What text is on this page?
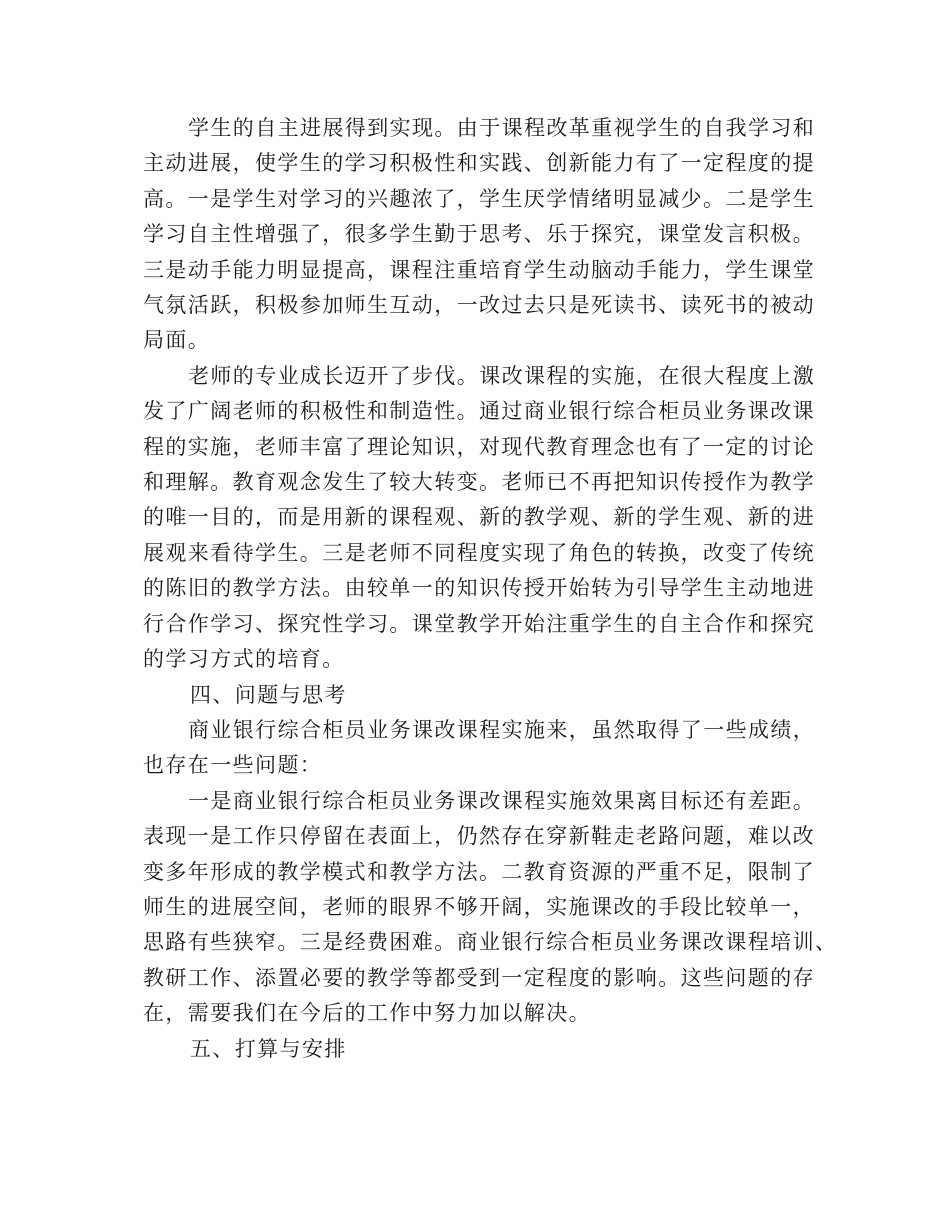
学生的自主进展得到实现。由于课程改革重视学生的自我学习和
主动进展，使学生的学习积极性和实践、创新能力有了一定程度的提
高。一是学生对学习的兴趣浓了，学生厌学情绪明显减少。二是学生
学习自主性增强了，很多学生勤于思考、乐于探究，课堂发言积极。
三是动手能力明显提高，课程注重培育学生动脑动手能力，学生课堂
气氛活跃，积极参加师生互动，一改过去只是死读书、读死书的被动
局面。
老师的专业成长迈开了步伐。课改课程的实施，在很大程度上激
发了广阔老师的积极性和制造性。通过商业银行综合柜员业务课改课
程的实施，老师丰富了理论知识，对现代教育理念也有了一定的讨论
和理解。教育观念发生了较大转变。老师已不再把知识传授作为教学
的唯一目的，而是用新的课程观、新的教学观、新的学生观、新的进
展观来看待学生。三是老师不同程度实现了角色的转换，改变了传统
的陈旧的教学方法。由较单一的知识传授开始转为引导学生主动地进
行合作学习、探究性学习。课堂教学开始注重学生的自主合作和探究
的学习方式的培育。
四、问题与思考
商业银行综合柜员业务课改课程实施来，虽然取得了一些成绩，
也存在一些问题：
一是商业银行综合柜员业务课改课程实施效果离目标还有差距。
表现一是工作只停留在表面上，仍然存在穿新鞋走老路问题，难以改
变多年形成的教学模式和教学方法。二教育资源的严重不足，限制了
师生的进展空间，老师的眼界不够开阔，实施课改的手段比较单一，
思路有些狭窄。三是经费困难。商业银行综合柜员业务课改课程培训、
教研工作、添置必要的教学等都受到一定程度的影响。这些问题的存
在，需要我们在今后的工作中努力加以解决。
五、打算与安排
